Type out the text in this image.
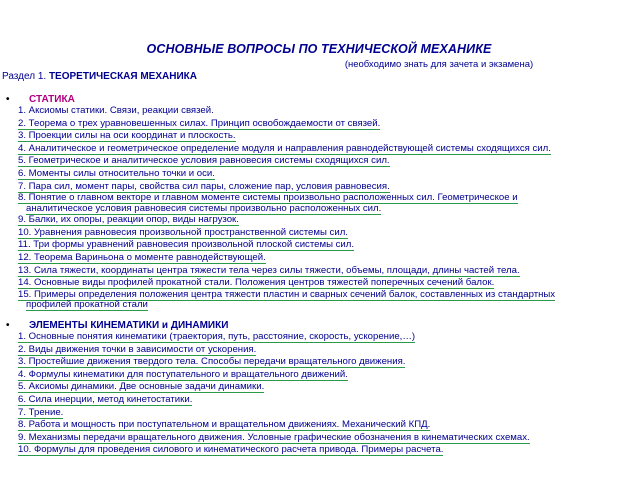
ОСНОВНЫЕ ВОПРОСЫ ПО ТЕХНИЧЕСКОЙ МЕХАНИКЕ
(необходимо знать для зачета и экзамена)
Раздел 1. ТЕОРЕТИЧЕСКАЯ МЕХАНИКА
• СТАТИКА
1. Аксиомы статики. Связи, реакции связей.
2. Теорема о трех уравновешенных силах. Принцип освобождаемости от связей.
3. Проекции силы на оси координат и плоскость.
4. Аналитическое и геометрическое определение модуля и направления равнодействующей системы сходящихся сил.
5. Геометрическое и аналитическое условия равновесия системы сходящихся сил.
6. Моменты силы относительно точки и оси.
7. Пара сил, момент пары, свойства сил пары, сложение пар, условия равновесия.
8. Понятие о главном векторе и главном моменте системы произвольно расположенных сил. Геометрическое и
аналитическое условия равновесия системы произвольно расположенных сил.
9. Балки, их опоры, реакции опор, виды нагрузок.
10. Уравнения равновесия произвольной пространственной системы сил.
11. Три формы уравнений равновесия произвольной плоской системы сил.
12. Теорема Вариньона о моменте равнодействующей.
13. Сила тяжести, координаты центра тяжести тела через силы тяжести, объемы, площади, длины частей тела.
14. Основные виды профилей прокатной стали. Положения центров тяжестей поперечных сечений балок.
15. Примеры определения положения центра тяжести пластин и сварных сечений балок, составленных из стандартных
профилей прокатной стали
• ЭЛЕМЕНТЫ КИНЕМАТИКИ и ДИНАМИКИ
1. Основные понятия кинематики (траектория, путь, расстояние, скорость, ускорение,…)
2. Виды движения точки в зависимости от ускорения.
3. Простейшие движения твердого тела. Способы передачи вращательного движения.
4. Формулы кинематики для поступательного и вращательного движений.
5. Аксиомы динамики. Две основные задачи динамики.
6. Сила инерции, метод кинетостатики.
7. Трение.
8. Работа и мощность при поступательном и вращательном движениях. Механический КПД.
9. Механизмы передачи вращательного движения. Условные графические обозначения в кинематических схемах.
10. Формулы для проведения силового и кинематического расчета привода. Примеры расчета.
